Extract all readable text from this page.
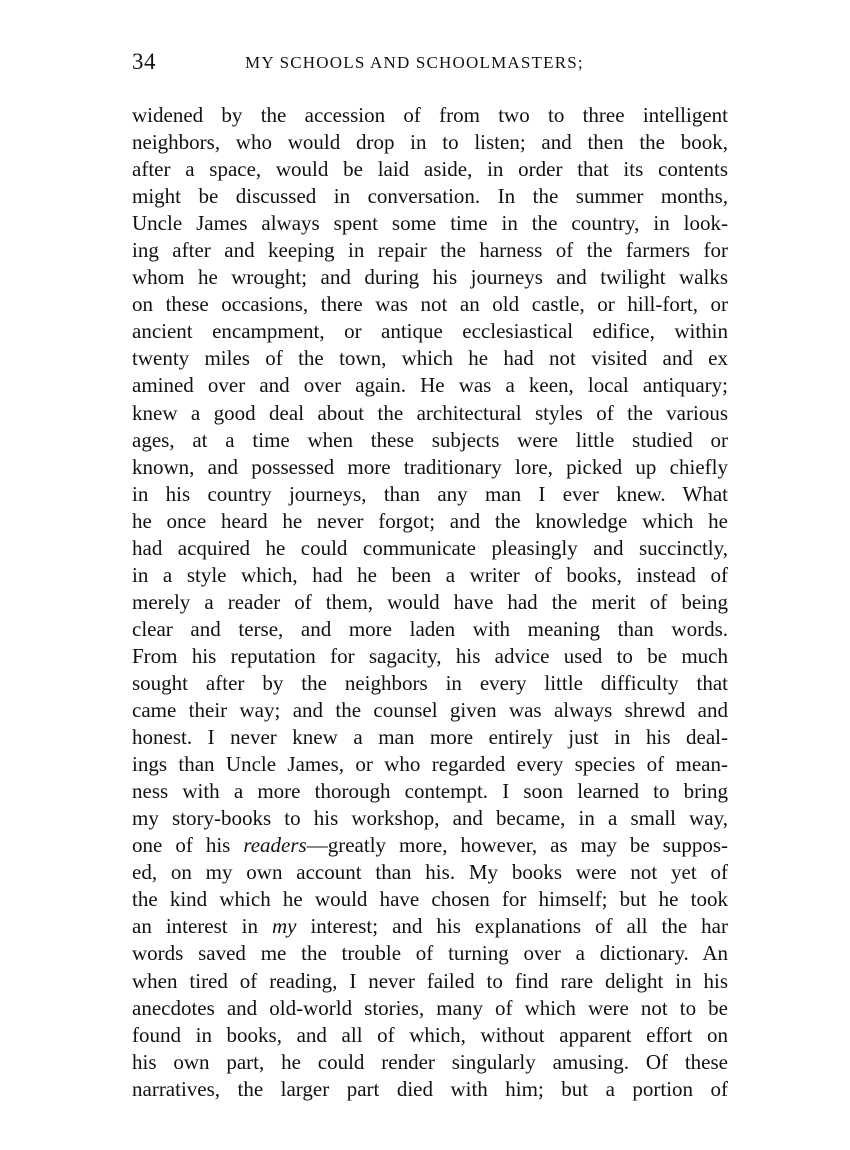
34	MY SCHOOLS AND SCHOOLMASTERS;
widened by the accession of from two to three intelligent
neighbors, who would drop in to listen; and then the book,
after a space, would be laid aside, in order that its contents
might be discussed in conversation. In the summer months,
Uncle James always spent some time in the country, in look-
ing after and keeping in repair the harness of the farmers for
whom he wrought; and during his journeys and twilight walks
on these occasions, there was not an old castle, or hill-fort, or
ancient encampment, or antique ecclesiastical edifice, within
twenty miles of the town, which he had not visited and ex
amined over and over again. He was a keen, local antiquary;
knew a good deal about the architectural styles of the various
ages, at a time when these subjects were little studied or
known, and possessed more traditionary lore, picked up chiefly
in his country journeys, than any man I ever knew. What
he once heard he never forgot; and the knowledge which he
had acquired he could communicate pleasingly and succinctly,
in a style which, had he been a writer of books, instead of
merely a reader of them, would have had the merit of being
clear and terse, and more laden with meaning than words.
From his reputation for sagacity, his advice used to be much
sought after by the neighbors in every little difficulty that
came their way; and the counsel given was always shrewd and
honest. I never knew a man more entirely just in his deal-
ings than Uncle James, or who regarded every species of mean-
ness with a more thorough contempt. I soon learned to bring
my story-books to his workshop, and became, in a small way,
one of his readers—greatly more, however, as may be suppos-
ed, on my own account than his. My books were not yet of
the kind which he would have chosen for himself; but he took
an interest in my interest; and his explanations of all the har
words saved me the trouble of turning over a dictionary. An
when tired of reading, I never failed to find rare delight in his
anecdotes and old-world stories, many of which were not to be
found in books, and all of which, without apparent effort on
his own part, he could render singularly amusing. Of these
narratives, the larger part died with him; but a portion of
